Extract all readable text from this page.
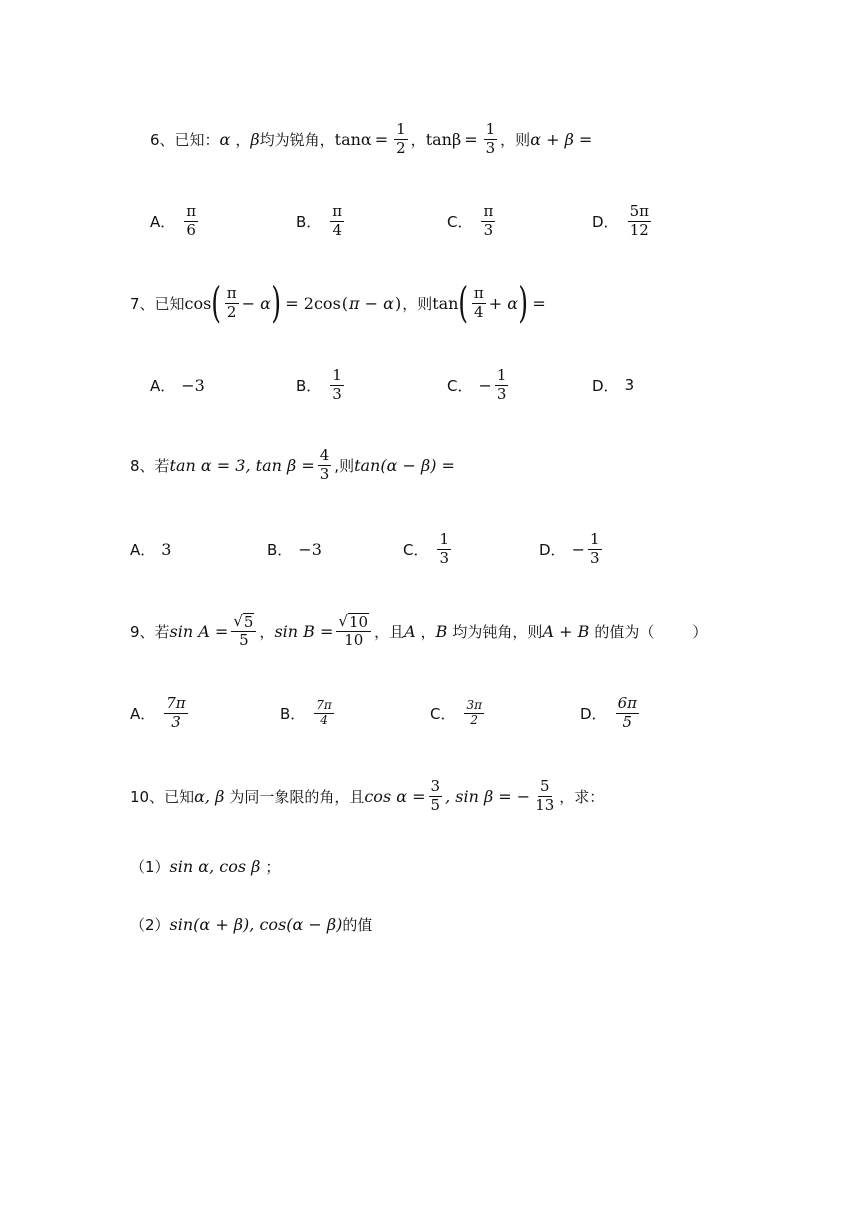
6、已知： α ， β 均为锐角， $\tan\alpha = \frac{1}{2}$ ， $\tan\beta = \frac{1}{3}$ ，则 α + β =
A． $\frac{\pi}{6}$	B． $\frac{\pi}{4}$	C． $\frac{\pi}{3}$	D． $\frac{5\pi}{12}$
7、已知 cos ( $\frac{\pi}{2} - \alpha$ ) = 2cos ( π − α ) ，则 tan ( $\frac{\pi}{4} + \alpha$ ) =
A． −3	B． $\frac{1}{3}$	C． − $\frac{1}{3}$	D． 3
8、若 tan α = 3, $\tan \beta = \frac{4}{3}$ ,则 tan(α − β) =
A． 3	B． −3	C． $\frac{1}{3}$	D． − $\frac{1}{3}$
9、若 $\sin A = \frac{√ 5}{5}$ ， $\sin B = \frac{√ 10}{10}$ ，且 A ， B 均为钝角，则 A + B 的值为（	）
A． $\frac{7\pi}{3}$	B． $\frac{7\pi}{4}$	C． $\frac{3\pi}{2}$	D． $\frac{6\pi}{5}$
10、已知 α, β 为同一象限的角，且 $\cos \alpha = \frac{3}{5}$ , sin β = − $\frac{5}{13}$ ，求：
（1） sin α, cos β ；
（2） sin(α + β), cos(α − β) 的值
